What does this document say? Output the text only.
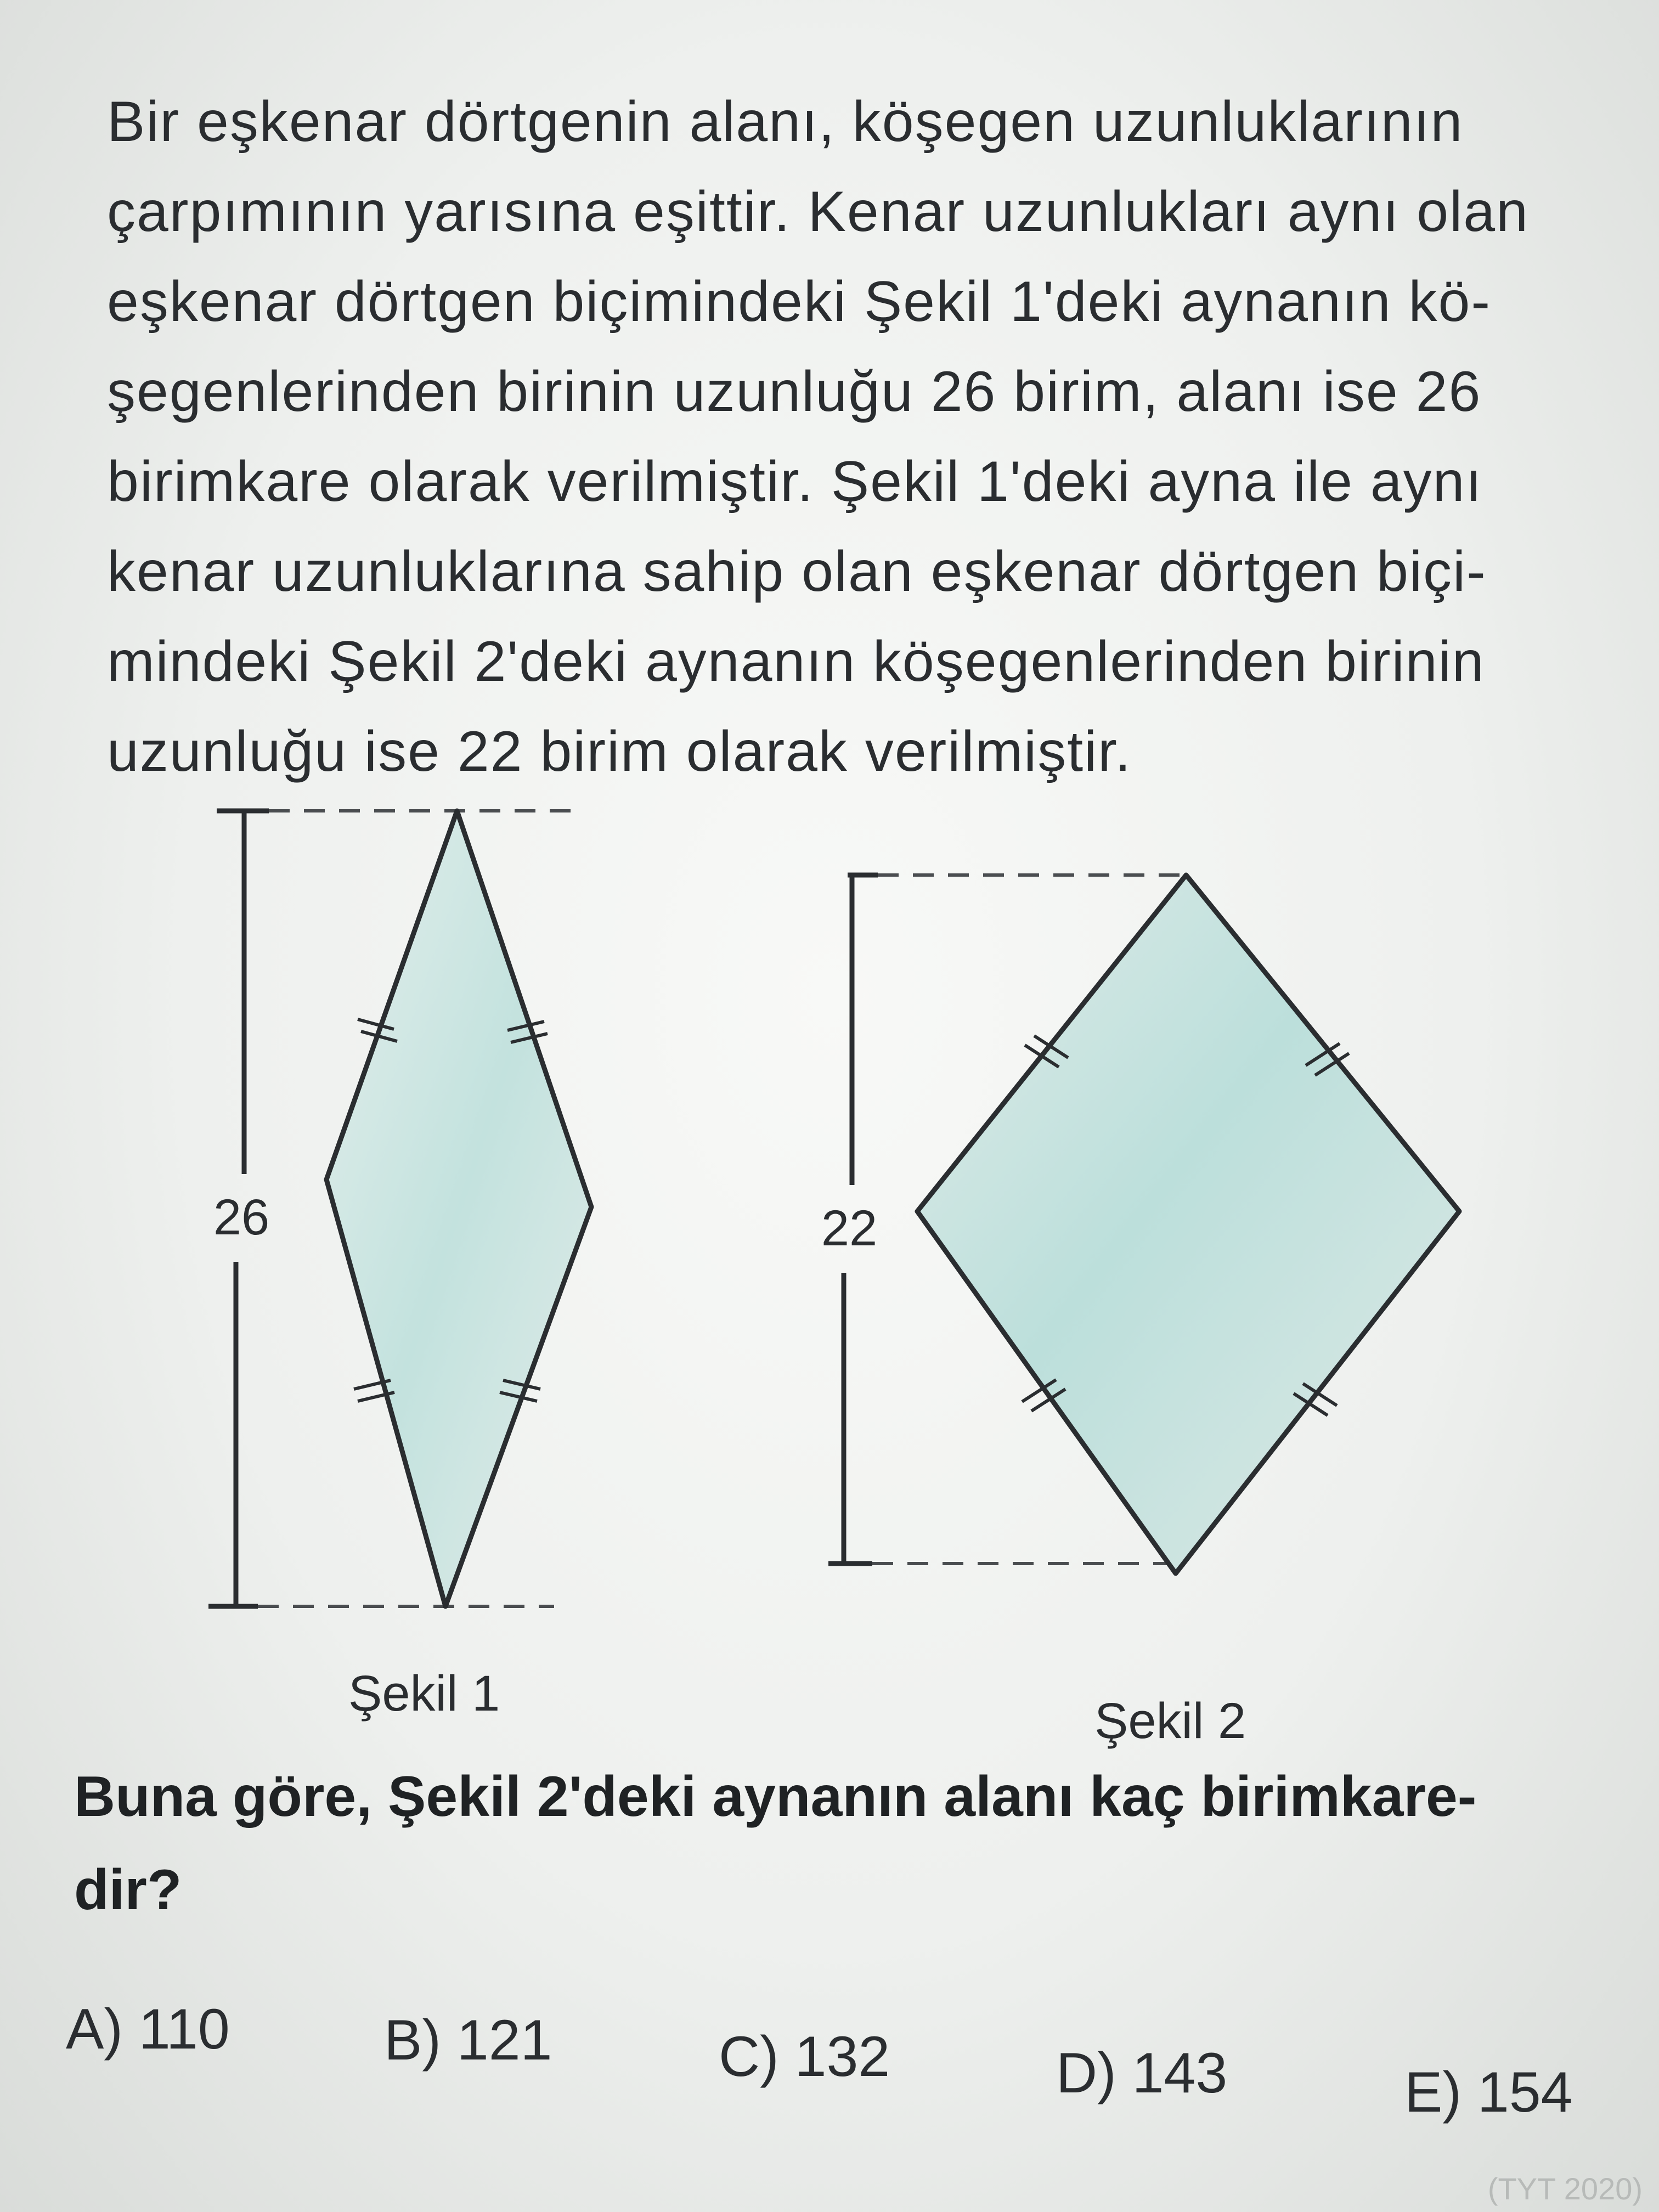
Bir eşkenar dörtgenin alanı, köşegen uzunluklarının
çarpımının yarısına eşittir. Kenar uzunlukları aynı olan
eşkenar dörtgen biçimindeki Şekil 1'deki aynanın kö-
şegenlerinden birinin uzunluğu 26 birim, alanı ise 26
birimkare olarak verilmiştir. Şekil 1'deki ayna ile aynı
kenar uzunluklarına sahip olan eşkenar dörtgen biçi-
mindeki Şekil 2'deki aynanın köşegenlerinden birinin
uzunluğu ise 22 birim olarak verilmiştir.
26	22
Şekil 1	Şekil 2
Buna göre, Şekil 2'deki aynanın alanı kaç birimkare-
dir?
A) 110	B) 121	C) 132	D) 143	E) 154
(TYT 2020)
